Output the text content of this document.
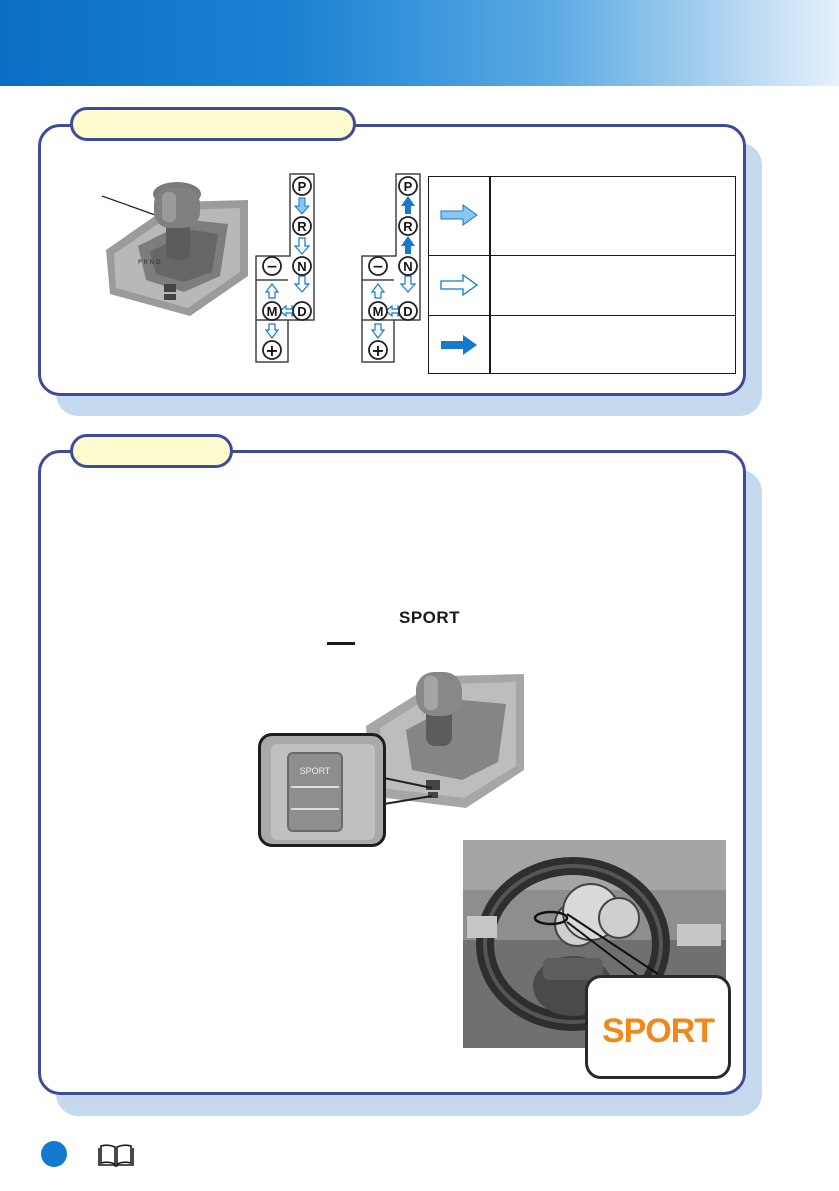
P R N D
P
R
N
D
M
−
+
P
R
N
D
M
−
+
SPORT
SPORT
SPORT
